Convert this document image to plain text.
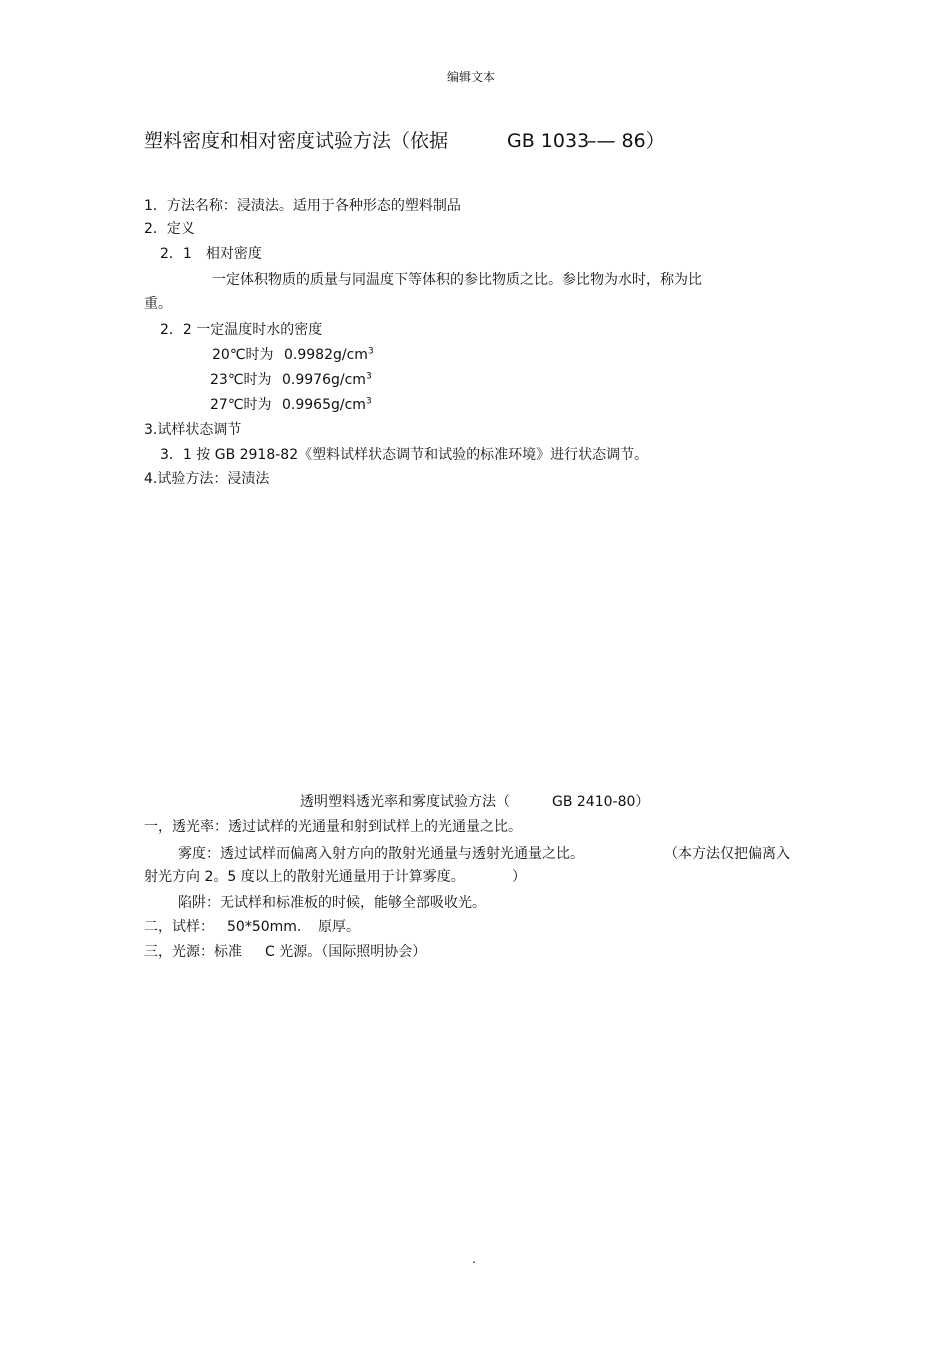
编辑文本
塑料密度和相对密度试验方法（依据	GB 1033
–— 86）
1．方法名称：浸渍法。适用于各种形态的塑料制品
2．定义
2．1　相对密度
一定体积物质的质量与同温度下等体积的参比物质之比。参比物为水时，称为比
重。
2．2 一定温度时水的密度
20℃时为 $0.9982g/cm^3$
23℃时为 $0.9976g/cm^3$
27℃时为 $0.9965g/cm^3$
3.试样状态调节
3．1 按 GB 2918-82《塑料试样状态调节和试验的标准环境》进行状态调节。
4.试验方法：浸渍法
透明塑料透光率和雾度试验方法（	GB 2410-80）
一，透光率：透过试样的光通量和射到试样上的光通量之比。
雾度：透过试样而偏离入射方向的散射光通量与透射光通量之比。	（本方法仅把偏离入
射光方向 2。5 度以上的散射光通量用于计算雾度。	）
陷阱：无试样和标准板的时候，能够全部吸收光。
二，试样： 50*50mm. 原厚。
三，光源：标准 C 光源。（国际照明协会）
.
